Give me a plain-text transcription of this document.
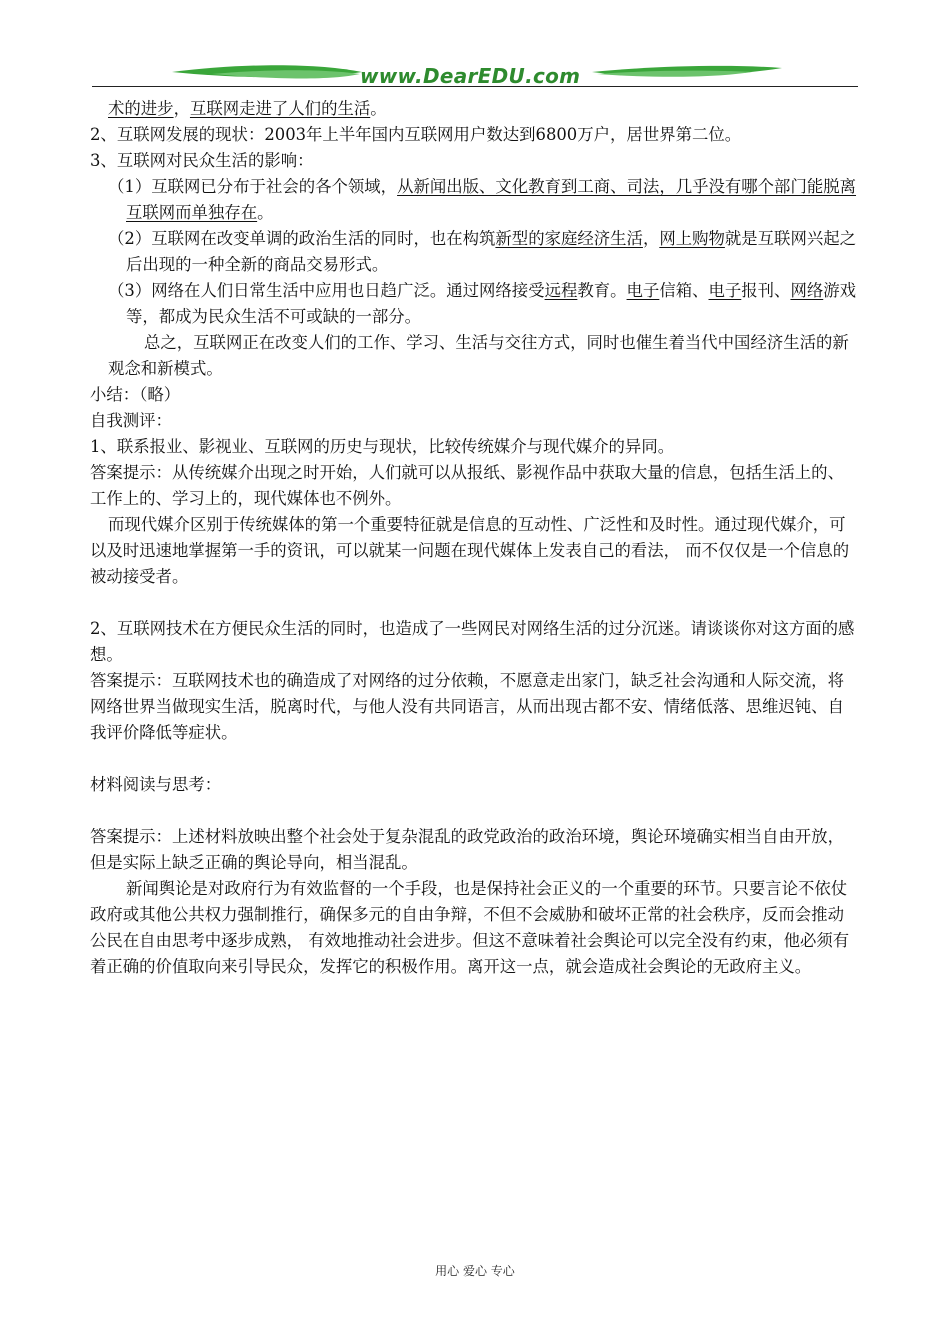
www.DearEDU.com

术的进步，互联网走进了人们的生活。

2、互联网发展的现状：2003年上半年国内互联网用户数达到6800万户，居世界第二位。

3、互联网对民众生活的影响：

（1）互联网已分布于社会的各个领域，从新闻出版、文化教育到工商、司法，几乎没有哪个部门能脱离互联网而单独存在。

（2）互联网在改变单调的政治生活的同时，也在构筑新型的家庭经济生活，网上购物就是互联网兴起之后出现的一种全新的商品交易形式。

（3）网络在人们日常生活中应用也日趋广泛。通过网络接受远程教育。电子信箱、电子报刊、网络游戏等，都成为民众生活不可或缺的一部分。

总之，互联网正在改变人们的工作、学习、生活与交往方式，同时也催生着当代中国经济生活的新观念和新模式。

小结：（略）

自我测评：

1、联系报业、影视业、互联网的历史与现状，比较传统媒介与现代媒介的异同。

答案提示：从传统媒介出现之时开始，人们就可以从报纸、影视作品中获取大量的信息，包括生活上的、工作上的、学习上的，现代媒体也不例外。

而现代媒介区别于传统媒体的第一个重要特征就是信息的互动性、广泛性和及时性。通过现代媒介，可以及时迅速地掌握第一手的资讯，可以就某一问题在现代媒体上发表自己的看法， 而不仅仅是一个信息的被动接受者。

2、互联网技术在方便民众生活的同时，也造成了一些网民对网络生活的过分沉迷。请谈谈你对这方面的感想。

答案提示：互联网技术也的确造成了对网络的过分依赖，不愿意走出家门，缺乏社会沟通和人际交流，将网络世界当做现实生活，脱离时代，与他人没有共同语言，从而出现古都不安、情绪低落、思维迟钝、自我评价降低等症状。

材料阅读与思考：

答案提示：上述材料放映出整个社会处于复杂混乱的政党政治的政治环境，舆论环境确实相当自由开放，但是实际上缺乏正确的舆论导向，相当混乱。

新闻舆论是对政府行为有效监督的一个手段，也是保持社会正义的一个重要的环节。只要言论不依仗政府或其他公共权力强制推行，确保多元的自由争辩，不但不会威胁和破坏正常的社会秩序，反而会推动公民在自由思考中逐步成熟， 有效地推动社会进步。但这不意味着社会舆论可以完全没有约束，他必须有着正确的价值取向来引导民众，发挥它的积极作用。离开这一点，就会造成社会舆论的无政府主义。

用心 爱心 专心
